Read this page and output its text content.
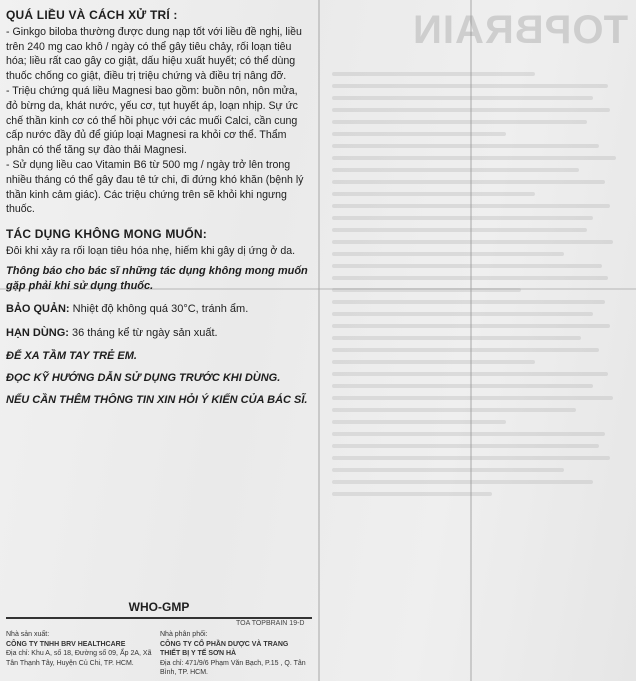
TOPBRAIN
QUÁ LIỀU VÀ CÁCH XỬ TRÍ :

- Ginkgo biloba thường được dung nạp tốt với liều đề nghị, liều trên 240 mg cao khô / ngày có thể gây tiêu chảy, rối loạn tiêu hóa; liều rất cao gây co giật, dấu hiệu xuất huyết; có thể dùng thuốc chống co giật, điều trị triệu chứng và điều trị nâng đỡ.

- Triệu chứng quá liều Magnesi bao gồm: buồn nôn, nôn mửa, đỏ bừng da, khát nước, yếu cơ, tụt huyết áp, loạn nhịp. Sự ức chế thần kinh cơ có thể hồi phục với các muối Calci, cần cung cấp nước đầy đủ để giúp loại Magnesi ra khỏi cơ thể. Thẩm phân có thể tăng sự đào thải Magnesi.

- Sử dụng liều cao Vitamin B6 từ 500 mg / ngày trở lên trong nhiều tháng có thể gây đau tê tứ chi, đi đứng khó khăn (bệnh lý thần kinh cảm giác). Các triệu chứng trên sẽ khỏi khi ngưng thuốc.

TÁC DỤNG KHÔNG MONG MUỐN:

Đôi khi xảy ra rối loạn tiêu hóa nhẹ, hiếm khi gây dị ứng ở da.

Thông báo cho bác sĩ những tác dụng không mong muốn gặp phải khi sử dụng thuốc.

BẢO QUẢN: Nhiệt độ không quá 30°C, tránh ẩm.

HẠN DÙNG: 36 tháng kể từ ngày sản xuất.

ĐỂ XA TẦM TAY TRẺ EM.

ĐỌC KỸ HƯỚNG DẪN SỬ DỤNG TRƯỚC KHI DÙNG.

NẾU CẦN THÊM THÔNG TIN XIN HỎI Ý KIẾN CỦA BÁC SĨ.

WHO-GMP
TOA TOPBRAIN 19-D
Nhà sản xuất:
CÔNG TY TNHH BRV HEALTHCARE
Địa chỉ: Khu A, số 18, Đường số 09, Ấp 2A, Xã Tân Thạnh Tây, Huyện Củ Chi, TP. HCM.
Nhà phân phối:
CÔNG TY CỔ PHẦN DƯỢC VÀ TRANG THIẾT BỊ Y TẾ SƠN HÀ
Địa chỉ: 471/9/6 Phạm Văn Bạch, P.15 , Q. Tân Bình, TP. HCM.
